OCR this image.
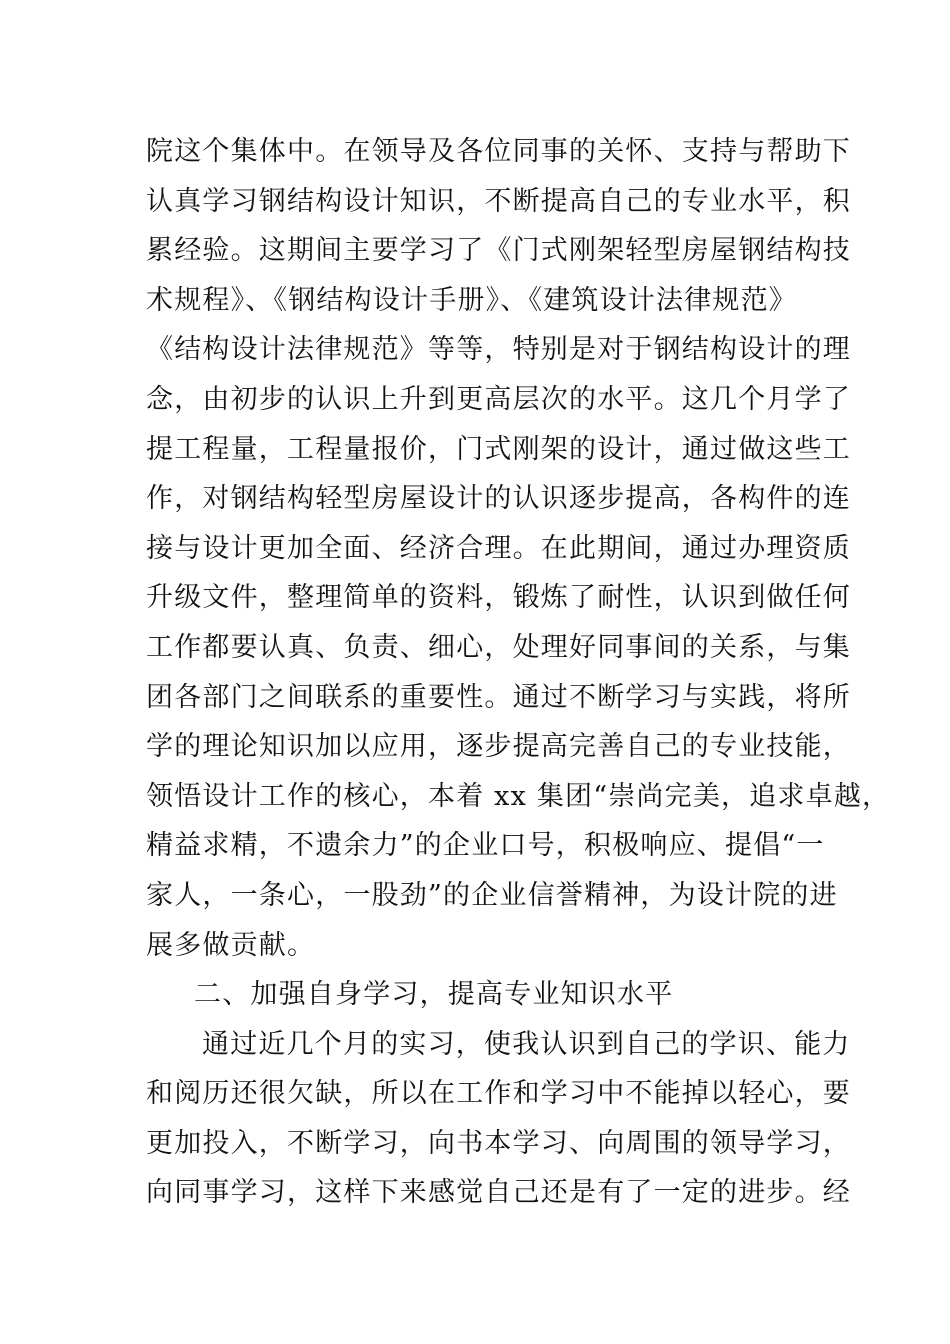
院这个集体中。在领导及各位同事的关怀、支持与帮助下
认真学习钢结构设计知识，不断提高自己的专业水平，积
累经验。这期间主要学习了《门式刚架轻型房屋钢结构技
术规程》、《钢结构设计手册》、《建筑设计法律规范》
《结构设计法律规范》等等，特别是对于钢结构设计的理
念，由初步的认识上升到更高层次的水平。这几个月学了
提工程量，工程量报价，门式刚架的设计，通过做这些工
作，对钢结构轻型房屋设计的认识逐步提高，各构件的连
接与设计更加全面、经济合理。在此期间，通过办理资质
升级文件，整理简单的资料，锻炼了耐性，认识到做任何
工作都要认真、负责、细心，处理好同事间的关系，与集
团各部门之间联系的重要性。通过不断学习与实践，将所
学的理论知识加以应用，逐步提高完善自己的专业技能，
领悟设计工作的核心，本着 xx 集团“崇尚完美，追求卓越，
精益求精，不遗余力”的企业口号，积极响应、提倡“一
家人，一条心，一股劲”的企业信誉精神，为设计院的进
展多做贡献。
二、加强自身学习，提高专业知识水平
通过近几个月的实习，使我认识到自己的学识、能力
和阅历还很欠缺，所以在工作和学习中不能掉以轻心，要
更加投入，不断学习，向书本学习、向周围的领导学习，
向同事学习，这样下来感觉自己还是有了一定的进步。经
